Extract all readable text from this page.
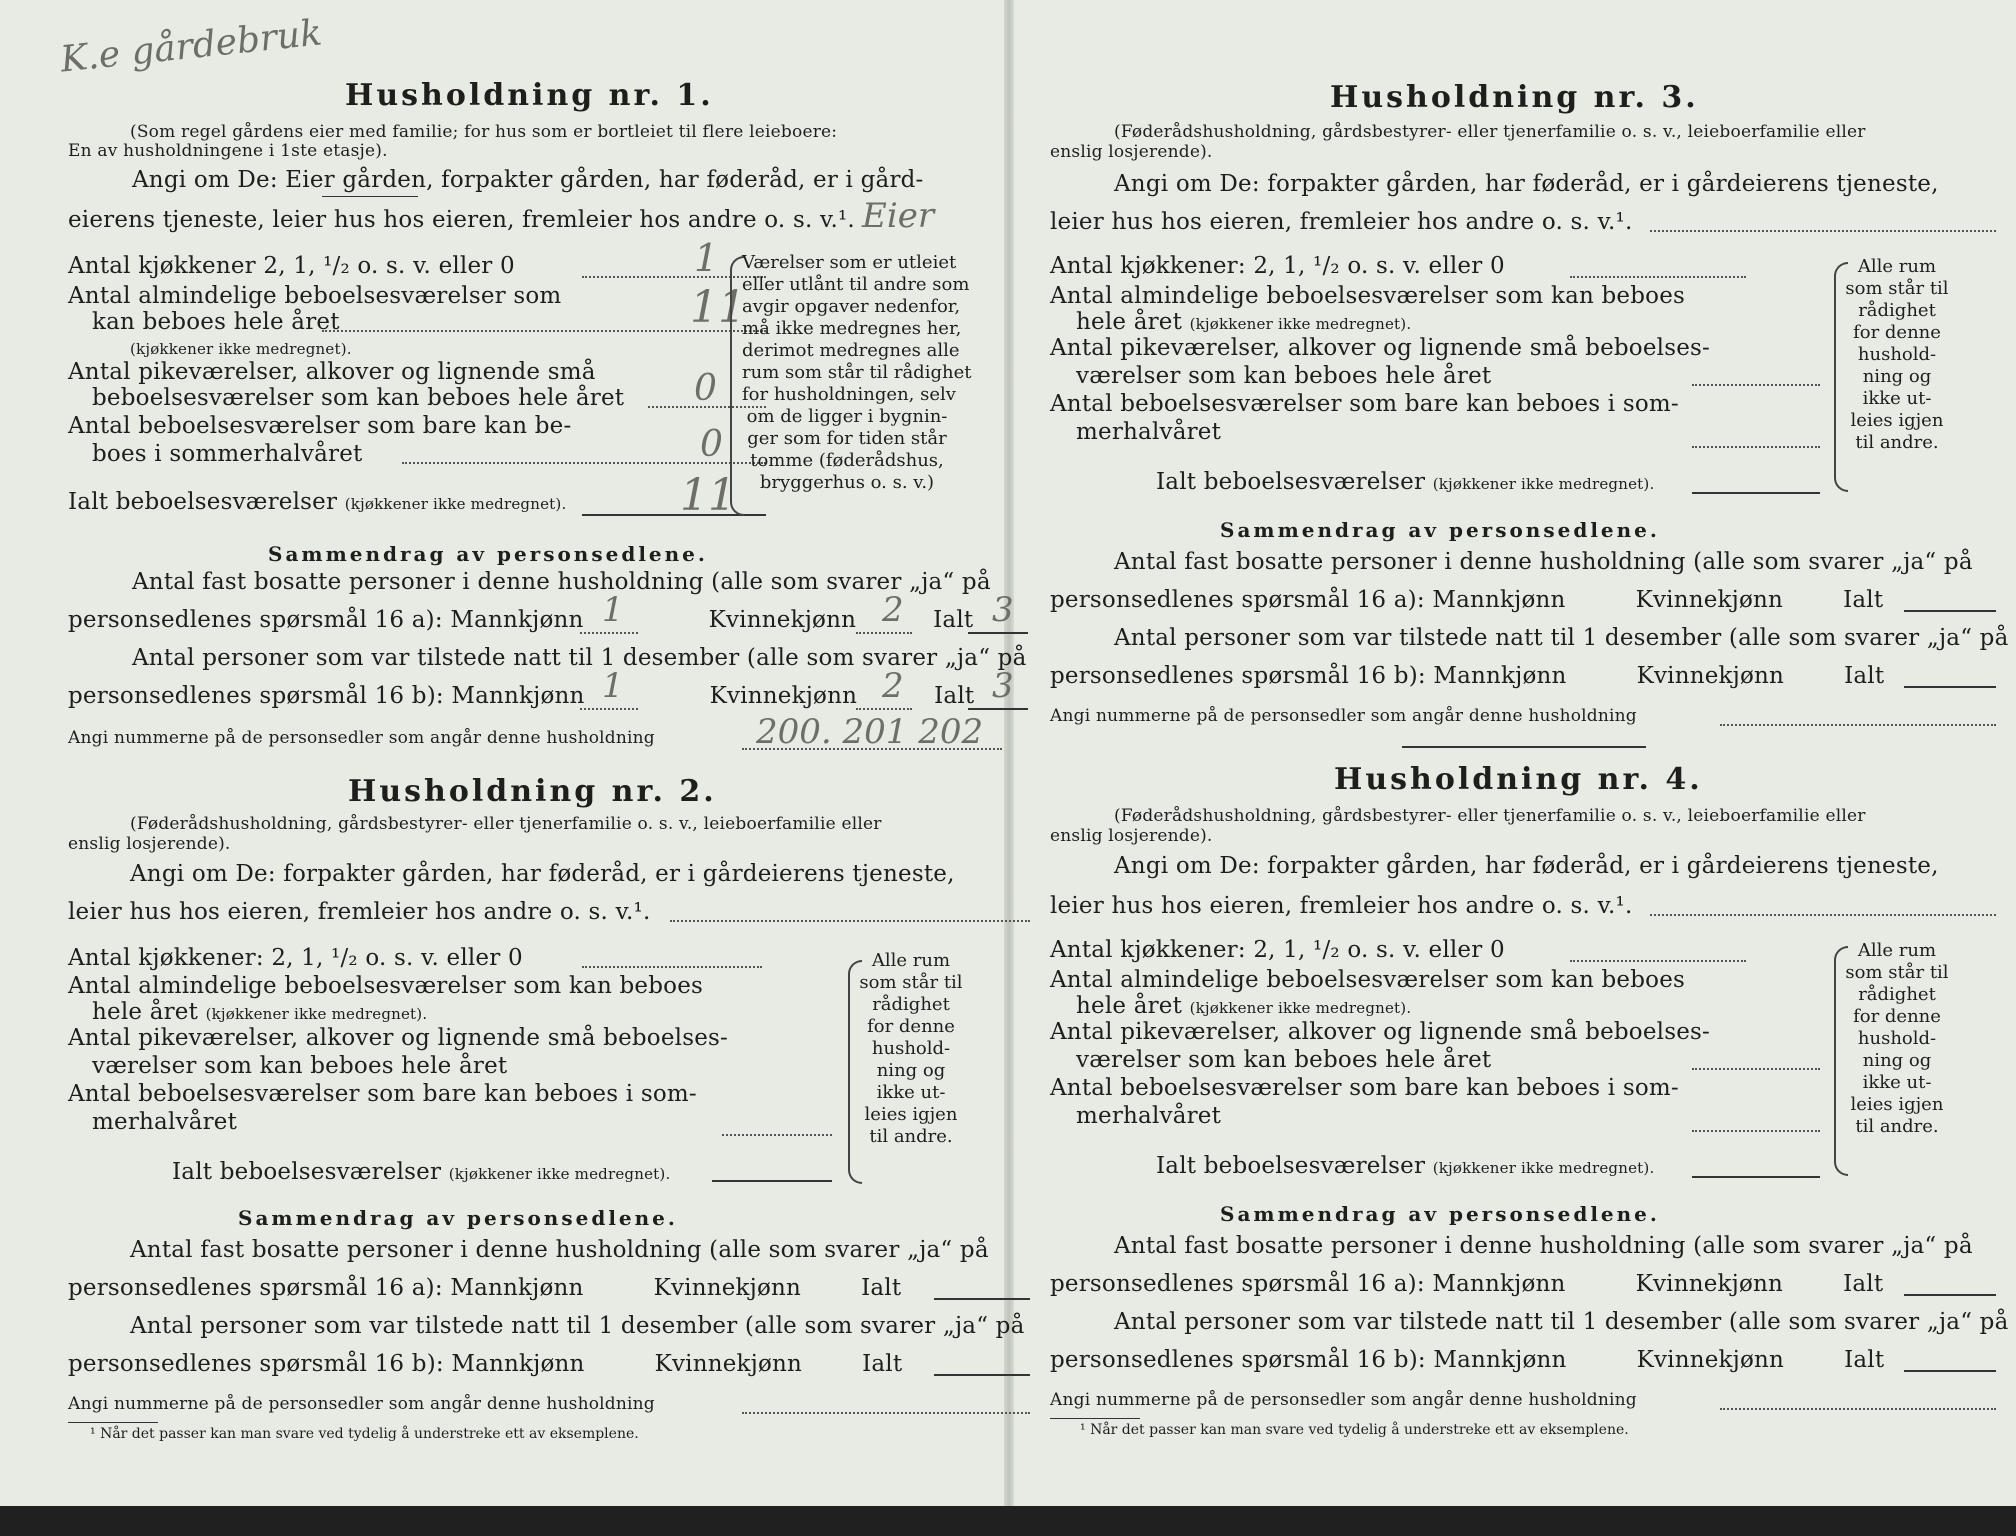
K.e gårdebruk

Husholdning nr. 1.

(Som regel gårdens eier med familie; for hus som er bortleiet til flere leieboere:

En av husholdningene i 1ste etasje).

Angi om De: Eier gården, forpakter gården, har føderåd, er i gård-

eierens tjeneste, leier hus hos eieren, fremleier hos andre o. s. v.¹. Eier

Antal kjøkkener 2, 1, ¹/₂ o. s. v. eller 0	1

Antal almindelige beboelsesværelser som

kan beboes hele året	11

(kjøkkener ikke medregnet).

Antal pikeværelser, alkover og lignende små

beboelsesværelser som kan beboes hele året 0

Antal beboelsesværelser som bare kan be-

boes i sommerhalvåret	0

Ialt beboelsesværelser (kjøkkener ikke medregnet).	11
Værelser som er utleiet
eller utlånt til andre som
avgir opgaver nedenfor,
må ikke medregnes her,
derimot medregnes alle
rum som står til rådighet
for husholdningen, selv
om de ligger i bygnin-
ger som for tiden står
tomme (føderådshus,
bryggerhus o. s. v.)

Sammendrag av personsedlene.

Antal fast bosatte personer i denne husholdning (alle som svarer „ja“ på

personsedlenes spørsmål 16 a): Mannkjønn	Kvinnekjønn	Ialt

1	2	3

Antal personer som var tilstede natt til 1 desember (alle som svarer „ja“ på

personsedlenes spørsmål 16 b): Mannkjønn	Kvinnekjønn	Ialt

1	2	3

Angi nummerne på de personsedler som angår denne husholdning	200. 201 202

Husholdning nr. 2.

(Føderådshusholdning, gårdsbestyrer- eller tjenerfamilie o. s. v., leieboerfamilie eller

enslig losjerende).

Angi om De: forpakter gården, har føderåd, er i gårdeierens tjeneste,

leier hus hos eieren, fremleier hos andre o. s. v.¹.

Antal kjøkkener: 2, 1, ¹/₂ o. s. v. eller 0

Antal almindelige beboelsesværelser som kan beboes

hele året (kjøkkener ikke medregnet).

Antal pikeværelser, alkover og lignende små beboelses-

værelser som kan beboes hele året

Antal beboelsesværelser som bare kan beboes i som-

merhalvåret

Ialt beboelsesværelser (kjøkkener ikke medregnet).

Alle rum
som står til
rådighet
for denne
hushold-
ning og
ikke ut-
leies igjen
til andre.

Sammendrag av personsedlene.

Antal fast bosatte personer i denne husholdning (alle som svarer „ja“ på

personsedlenes spørsmål 16 a): Mannkjønn	Kvinnekjønn	Ialt

Antal personer som var tilstede natt til 1 desember (alle som svarer „ja“ på

personsedlenes spørsmål 16 b): Mannkjønn	Kvinnekjønn	Ialt

Angi nummerne på de personsedler som angår denne husholdning

¹ Når det passer kan man svare ved tydelig å understreke ett av eksemplene.

Husholdning nr. 3.

(Føderådshusholdning, gårdsbestyrer- eller tjenerfamilie o. s. v., leieboerfamilie eller

enslig losjerende).

Angi om De: forpakter gården, har føderåd, er i gårdeierens tjeneste,

leier hus hos eieren, fremleier hos andre o. s. v.¹.

Antal kjøkkener: 2, 1, ¹/₂ o. s. v. eller 0

Antal almindelige beboelsesværelser som kan beboes

hele året (kjøkkener ikke medregnet).

Antal pikeværelser, alkover og lignende små beboelses-

værelser som kan beboes hele året

Antal beboelsesværelser som bare kan beboes i som-

merhalvåret

Ialt beboelsesværelser (kjøkkener ikke medregnet).

Alle rum
som står til
rådighet
for denne
hushold-
ning og
ikke ut-
leies igjen
til andre.

Sammendrag av personsedlene.

Antal fast bosatte personer i denne husholdning (alle som svarer „ja“ på

personsedlenes spørsmål 16 a): Mannkjønn	Kvinnekjønn	Ialt

Antal personer som var tilstede natt til 1 desember (alle som svarer „ja“ på

personsedlenes spørsmål 16 b): Mannkjønn	Kvinnekjønn	Ialt

Angi nummerne på de personsedler som angår denne husholdning

Husholdning nr. 4.

(Føderådshusholdning, gårdsbestyrer- eller tjenerfamilie o. s. v., leieboerfamilie eller

enslig losjerende).

Angi om De: forpakter gården, har føderåd, er i gårdeierens tjeneste,

leier hus hos eieren, fremleier hos andre o. s. v.¹.

Antal kjøkkener: 2, 1, ¹/₂ o. s. v. eller 0

Antal almindelige beboelsesværelser som kan beboes

hele året (kjøkkener ikke medregnet).

Antal pikeværelser, alkover og lignende små beboelses-

værelser som kan beboes hele året

Antal beboelsesværelser som bare kan beboes i som-

merhalvåret

Ialt beboelsesværelser (kjøkkener ikke medregnet).

Alle rum
som står til
rådighet
for denne
hushold-
ning og
ikke ut-
leies igjen
til andre.

Sammendrag av personsedlene.

Antal fast bosatte personer i denne husholdning (alle som svarer „ja“ på

personsedlenes spørsmål 16 a): Mannkjønn	Kvinnekjønn	Ialt

Antal personer som var tilstede natt til 1 desember (alle som svarer „ja“ på

personsedlenes spørsmål 16 b): Mannkjønn	Kvinnekjønn	Ialt

Angi nummerne på de personsedler som angår denne husholdning

¹ Når det passer kan man svare ved tydelig å understreke ett av eksemplene.
